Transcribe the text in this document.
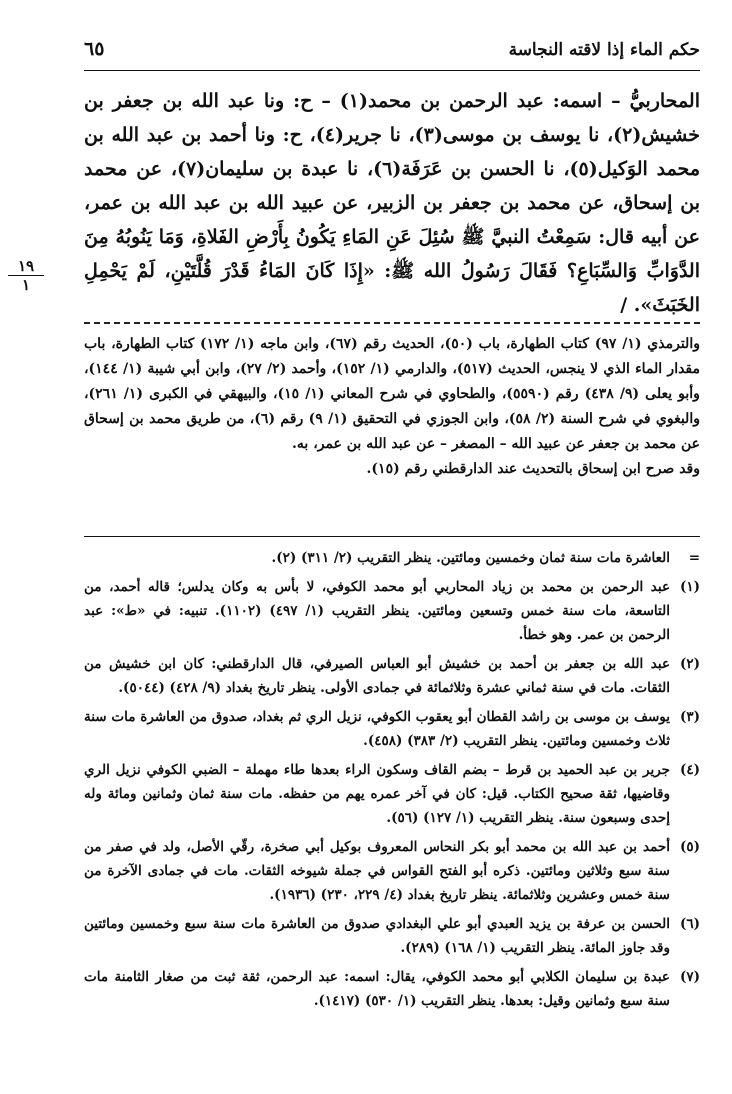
حكم الماء إذا لاقته النجاسة
٦٥

المحاربيُّ – اسمه: عبد الرحمن بن محمد(١) – ح: ونا عبد الله بن جعفر بن خشيش(٢)، نا يوسف بن موسى(٣)، نا جرير(٤)، ح: ونا أحمد بن عبد الله بن محمد الوَكيل(٥)، نا الحسن بن عَرَفَة(٦)، نا عبدة بن سليمان(٧)، عن محمد بن إسحاق، عن محمد بن جعفر بن الزبير، عن عبيد الله بن عبد الله بن عمر، عن أبيه قال: سَمِعْتُ النبيَّ ﷺ سُئِلَ عَنِ المَاءِ يَكُونُ بِأَرْضِ الفَلاةِ، وَمَا يَنُوبُهُ مِنَ الدَّوَابِّ وَالسِّبَاعِ؟ فَقَالَ رَسُولُ الله ﷺ: «إِذَا كَانَ المَاءُ قَدْرَ قُلَّتَيْنِ، لَمْ يَحْمِلِ الخَبَثَ». /

١٩
١

والترمذي (١/ ٩٧) كتاب الطهارة، باب (٥٠)، الحديث رقم (٦٧)، وابن ماجه (١/ ١٧٢) كتاب الطهارة، باب مقدار الماء الذي لا ينجس، الحديث (٥١٧)، والدارمي (١/ ١٥٢)، وأحمد (٢/ ٢٧)، وابن أبي شيبة (١/ ١٤٤)، وأبو يعلى (٩/ ٤٣٨) رقم (٥٥٩٠)، والطحاوي في شرح المعاني (١/ ١٥)، والبيهقي في الكبرى (١/ ٢٦١)، والبغوي في شرح السنة (٢/ ٥٨)، وابن الجوزي في التحقيق (١/ ٩) رقم (٦)، من طريق محمد بن إسحاق عن محمد بن جعفر عن عبيد الله – المصغر – عن عبد الله بن عمر، به.

وقد صرح ابن إسحاق بالتحديث عند الدارقطني رقم (١٥).

=
العاشرة مات سنة ثمان وخمسين ومائتين. ينظر التقريب (٢/ ٣١١) (٢).
(١)
عبد الرحمن بن محمد بن زياد المحاربي أبو محمد الكوفي، لا بأس به وكان يدلس؛ قاله أحمد، من التاسعة، مات سنة خمس وتسعين ومائتين. ينظر التقريب (١/ ٤٩٧) (١١٠٢). تنبيه: في «ط»: عبد الرحمن بن عمر. وهو خطأ.
(٢)
عبد الله بن جعفر بن أحمد بن خشيش أبو العباس الصيرفي، قال الدارقطني: كان ابن خشيش من الثقات. مات في سنة ثماني عشرة وثلاثمائة في جمادى الأولى. ينظر تاريخ بغداد (٩/ ٤٢٨) (٥٠٤٤).
(٣)
يوسف بن موسى بن راشد القطان أبو يعقوب الكوفي، نزيل الري ثم بغداد، صدوق من العاشرة مات سنة ثلاث وخمسين ومائتين. ينظر التقريب (٢/ ٣٨٣) (٤٥٨).
(٤)
جرير بن عبد الحميد بن قرط – بضم القاف وسكون الراء بعدها طاء مهملة – الضبي الكوفي نزيل الري وقاضيها، ثقة صحيح الكتاب. قيل: كان في آخر عمره يهم من حفظه. مات سنة ثمان وثمانين ومائة وله إحدى وسبعون سنة. ينظر التقريب (١/ ١٢٧) (٥٦).
(٥)
أحمد بن عبد الله بن محمد أبو بكر النحاس المعروف بوكيل أبي صخرة، رقّي الأصل، ولد في صفر من سنة سبع وثلاثين ومائتين. ذكره أبو الفتح القواس في جملة شيوخه الثقات. مات في جمادى الآخرة من سنة خمس وعشرين وثلاثمائة. ينظر تاريخ بغداد (٤/ ٢٢٩، ٢٣٠) (١٩٣٦).
(٦)
الحسن بن عرفة بن يزيد العبدي أبو علي البغدادي صدوق من العاشرة مات سنة سبع وخمسين ومائتين وقد جاوز المائة. ينظر التقريب (١/ ١٦٨) (٢٨٩).
(٧)
عبدة بن سليمان الكلابي أبو محمد الكوفي، يقال: اسمه: عبد الرحمن، ثقة ثبت من صغار الثامنة مات سنة سبع وثمانين وقيل: بعدها. ينظر التقريب (١/ ٥٣٠) (١٤١٧).
